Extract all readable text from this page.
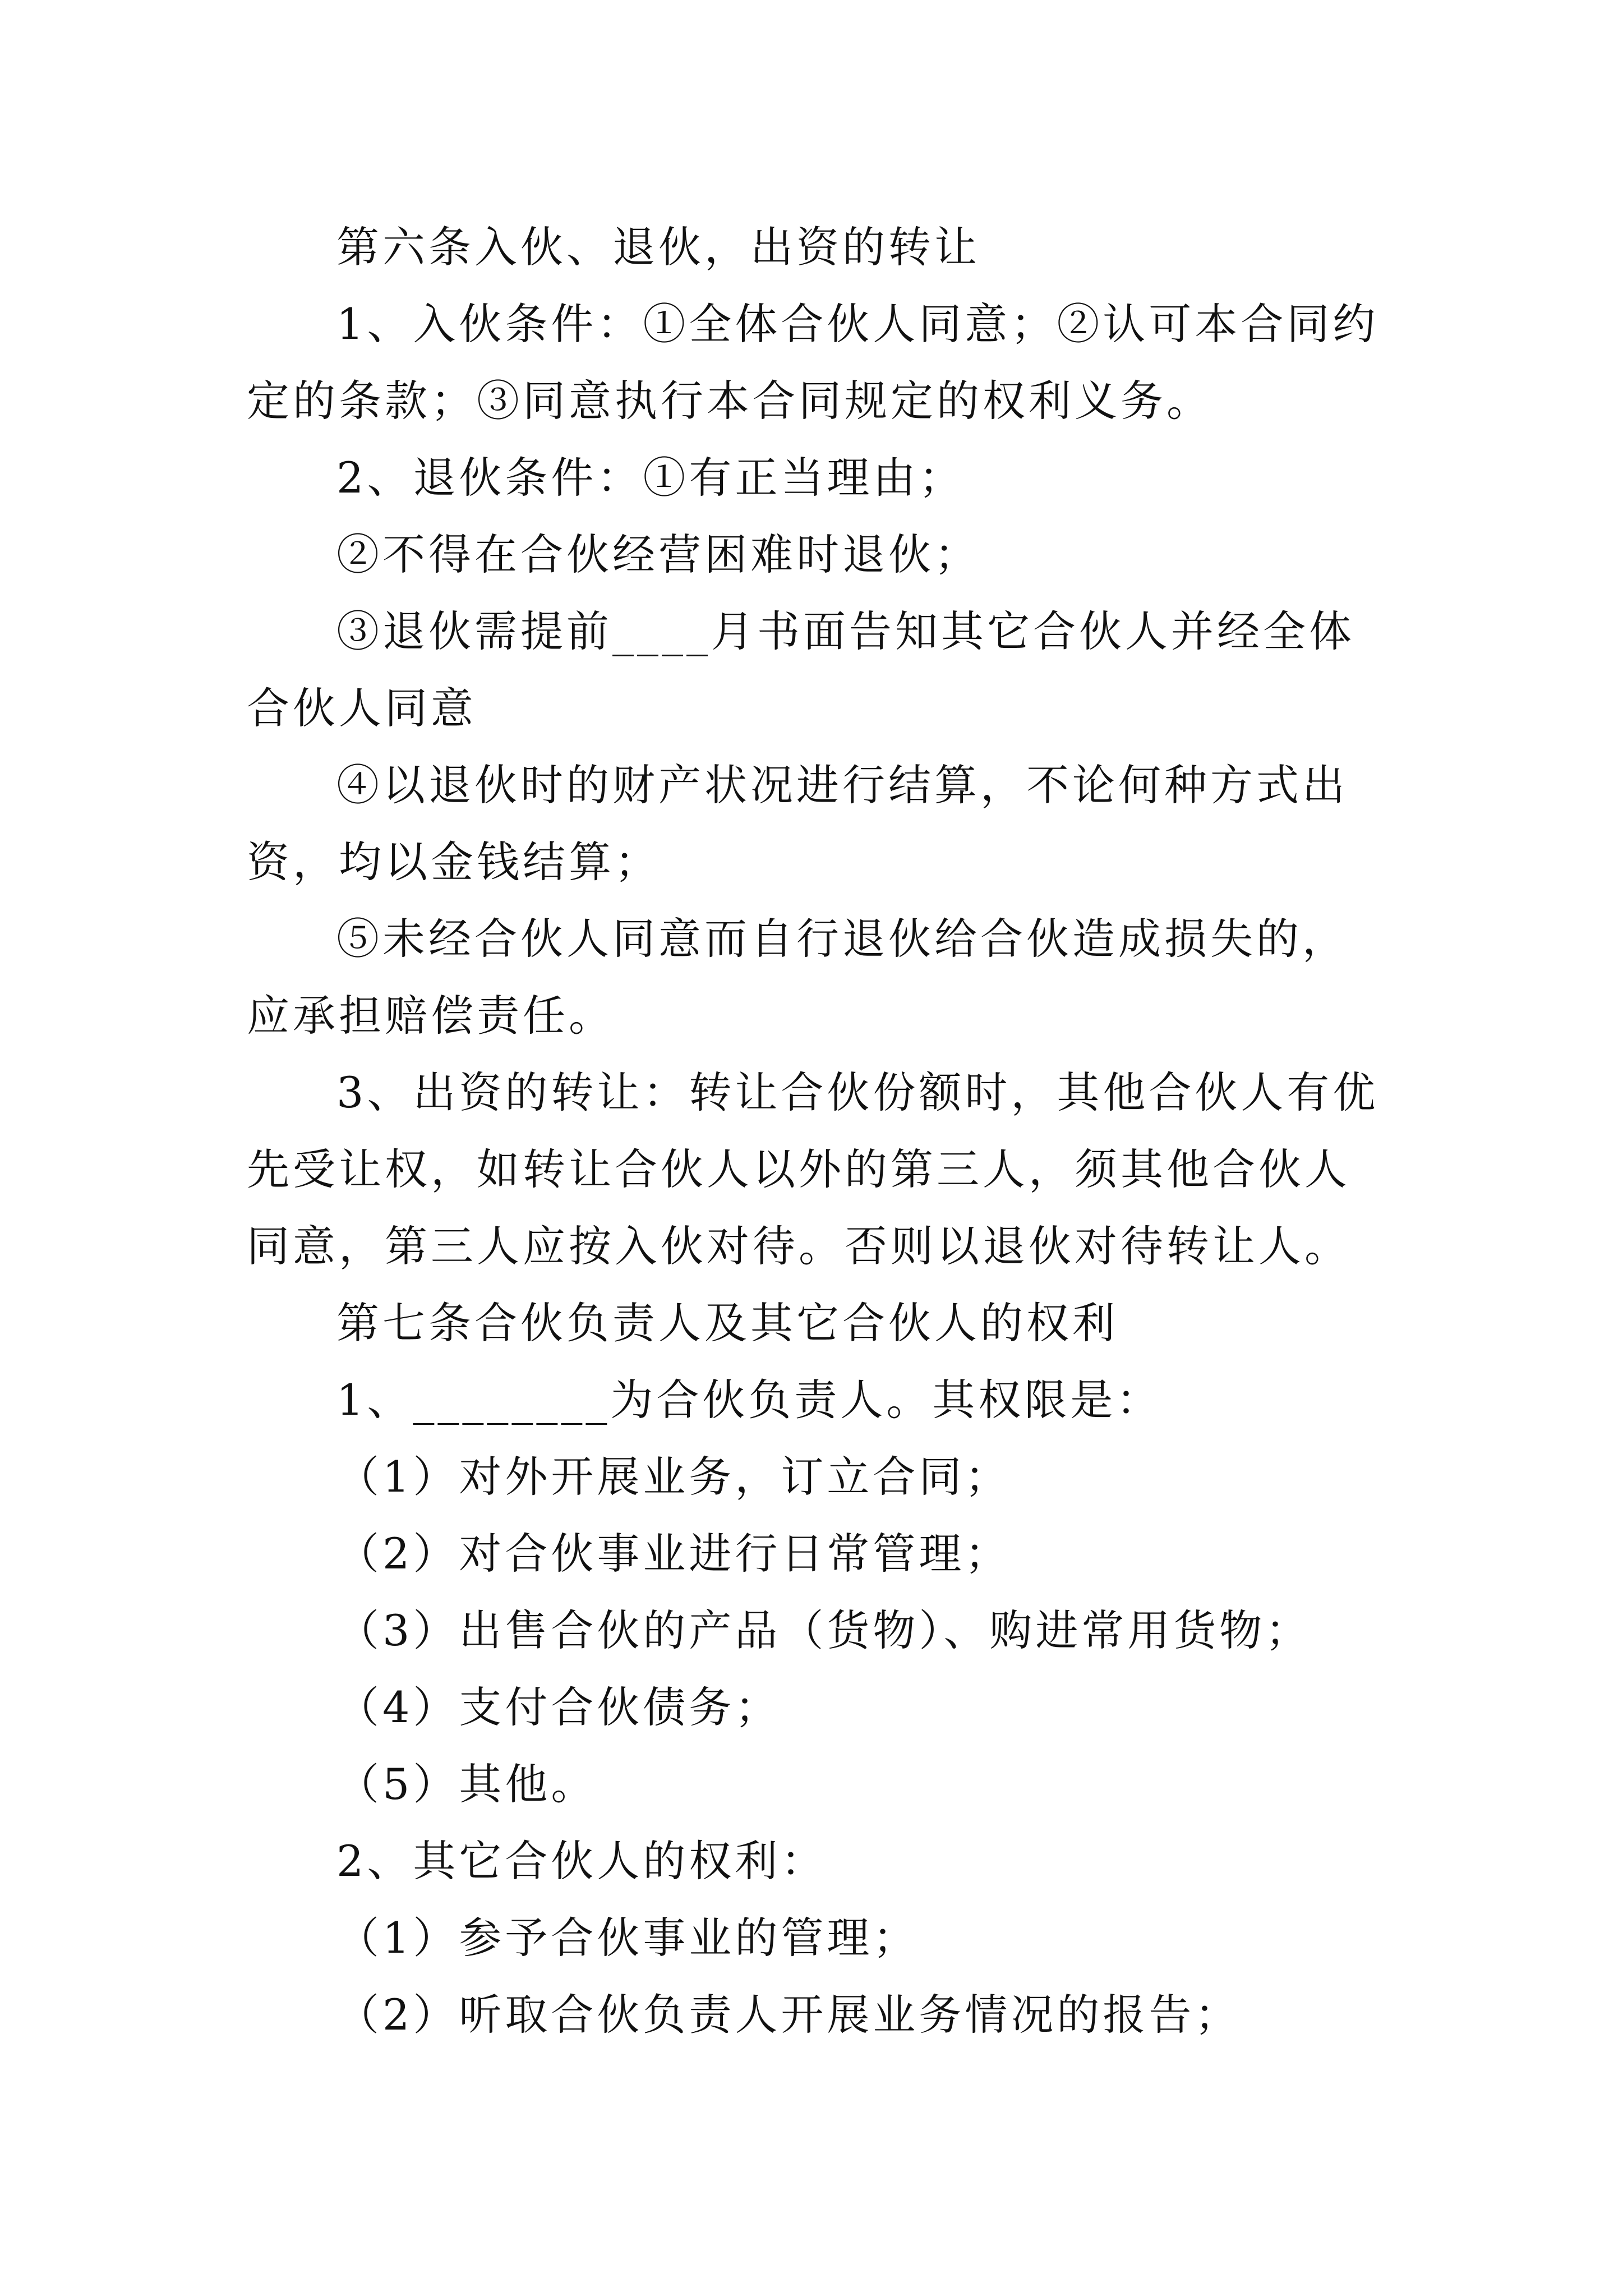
第六条入伙、退伙，出资的转让

1、入伙条件：①全体合伙人同意；②认可本合同约定的条款；③同意执行本合同规定的权利义务。

2、退伙条件：①有正当理由；

②不得在合伙经营困难时退伙；

③退伙需提前____月书面告知其它合伙人并经全体合伙人同意

④以退伙时的财产状况进行结算，不论何种方式出资，均以金钱结算；

⑤未经合伙人同意而自行退伙给合伙造成损失的，应承担赔偿责任。

3、出资的转让：转让合伙份额时，其他合伙人有优先受让权，如转让合伙人以外的第三人，须其他合伙人同意，第三人应按入伙对待。否则以退伙对待转让人。

第七条合伙负责人及其它合伙人的权利

1、________为合伙负责人。其权限是：

（1）对外开展业务，订立合同；

（2）对合伙事业进行日常管理；

（3）出售合伙的产品（货物）、购进常用货物；

（4）支付合伙债务；

（5）其他。

2、其它合伙人的权利：

（1）参予合伙事业的管理；

（2）听取合伙负责人开展业务情况的报告；
